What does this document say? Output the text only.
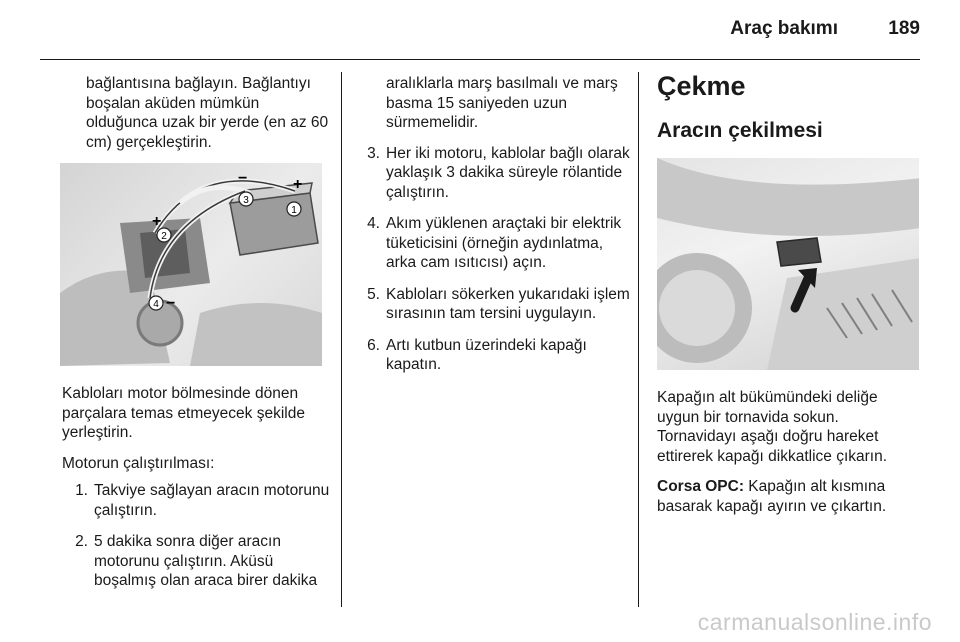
Araç bakımı	189

bağlantısına bağlayın. Bağlantıyı boşalan aküden mümkün olduğunca uzak bir yerde (en az 60 cm) gerçekleştirin.

1
2
3
4
+
+
−
−

Kabloları motor bölmesinde dönen parçalara temas etmeyecek şekilde yerleştirin.

Motorun çalıştırılması:

1. Takviye sağlayan aracın motorunu çalıştırın.
2. 5 dakika sonra diğer aracın motorunu çalıştırın. Aküsü boşalmış olan araca birer dakika

aralıklarla marş basılmalı ve marş basma 15 saniyeden uzun sürmemelidir.

3. Her iki motoru, kablolar bağlı olarak yaklaşık 3 dakika süreyle rölantide çalıştırın.
4. Akım yüklenen araçtaki bir elektrik tüketicisini (örneğin aydınlatma, arka cam ısıtıcısı) açın.
5. Kabloları sökerken yukarıdaki işlem sırasının tam tersini uygulayın.
6. Artı kutbun üzerindeki kapağı kapatın.
Çekme
Aracın çekilmesi

Kapağın alt bükümündeki deliğe uygun bir tornavida sokun. Tornavidayı aşağı doğru hareket ettirerek kapağı dikkatlice çıkarın.

Corsa OPC: Kapağın alt kısmına basarak kapağı ayırın ve çıkartın.

carmanualsonline.info
